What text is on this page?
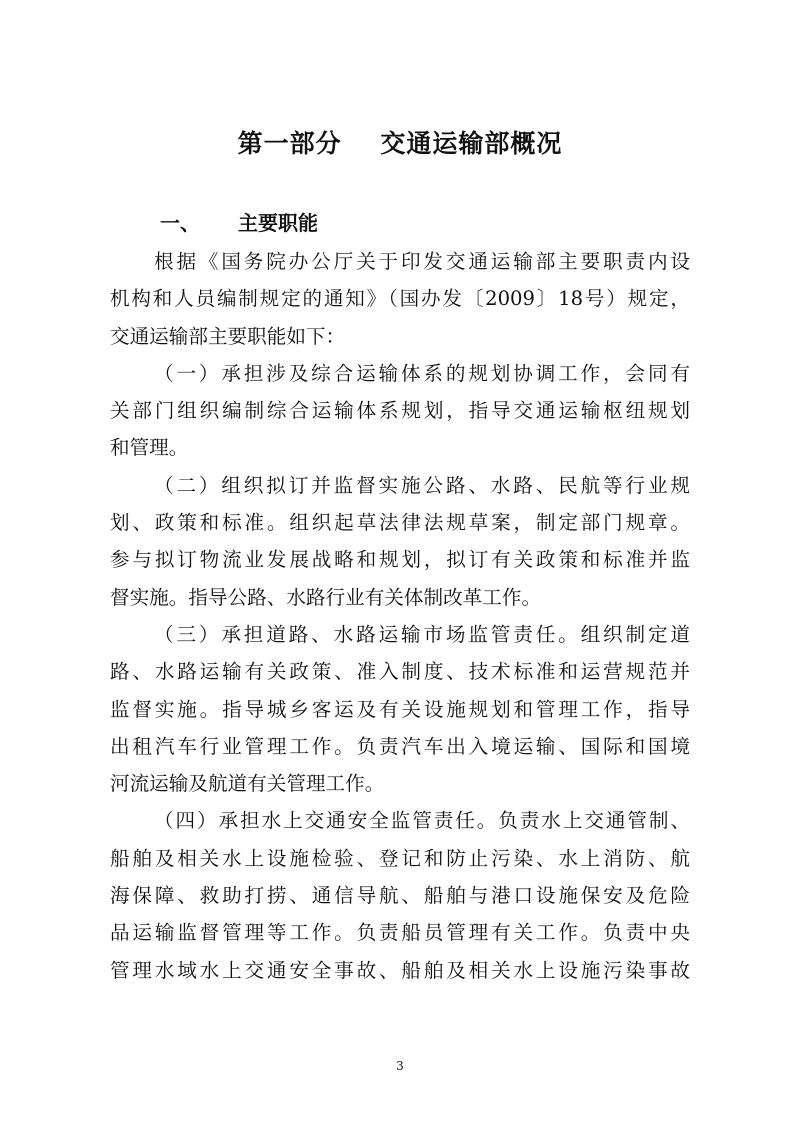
第一部分    交通运输部概况
一、 主要职能
根据《国务院办公厅关于印发交通运输部主要职责内设
机构和人员编制规定的通知》（国办发〔2009〕18号）规定，
交通运输部主要职能如下：
（一）承担涉及综合运输体系的规划协调工作，会同有
关部门组织编制综合运输体系规划，指导交通运输枢纽规划
和管理。
（二）组织拟订并监督实施公路、水路、民航等行业规
划、政策和标准。组织起草法律法规草案，制定部门规章。
参与拟订物流业发展战略和规划，拟订有关政策和标准并监
督实施。指导公路、水路行业有关体制改革工作。
（三）承担道路、水路运输市场监管责任。组织制定道
路、水路运输有关政策、准入制度、技术标准和运营规范并
监督实施。指导城乡客运及有关设施规划和管理工作，指导
出租汽车行业管理工作。负责汽车出入境运输、国际和国境
河流运输及航道有关管理工作。
（四）承担水上交通安全监管责任。负责水上交通管制、
船舶及相关水上设施检验、登记和防止污染、水上消防、航
海保障、救助打捞、通信导航、船舶与港口设施保安及危险
品运输监督管理等工作。负责船员管理有关工作。负责中央
管理水域水上交通安全事故、船舶及相关水上设施污染事故
3
